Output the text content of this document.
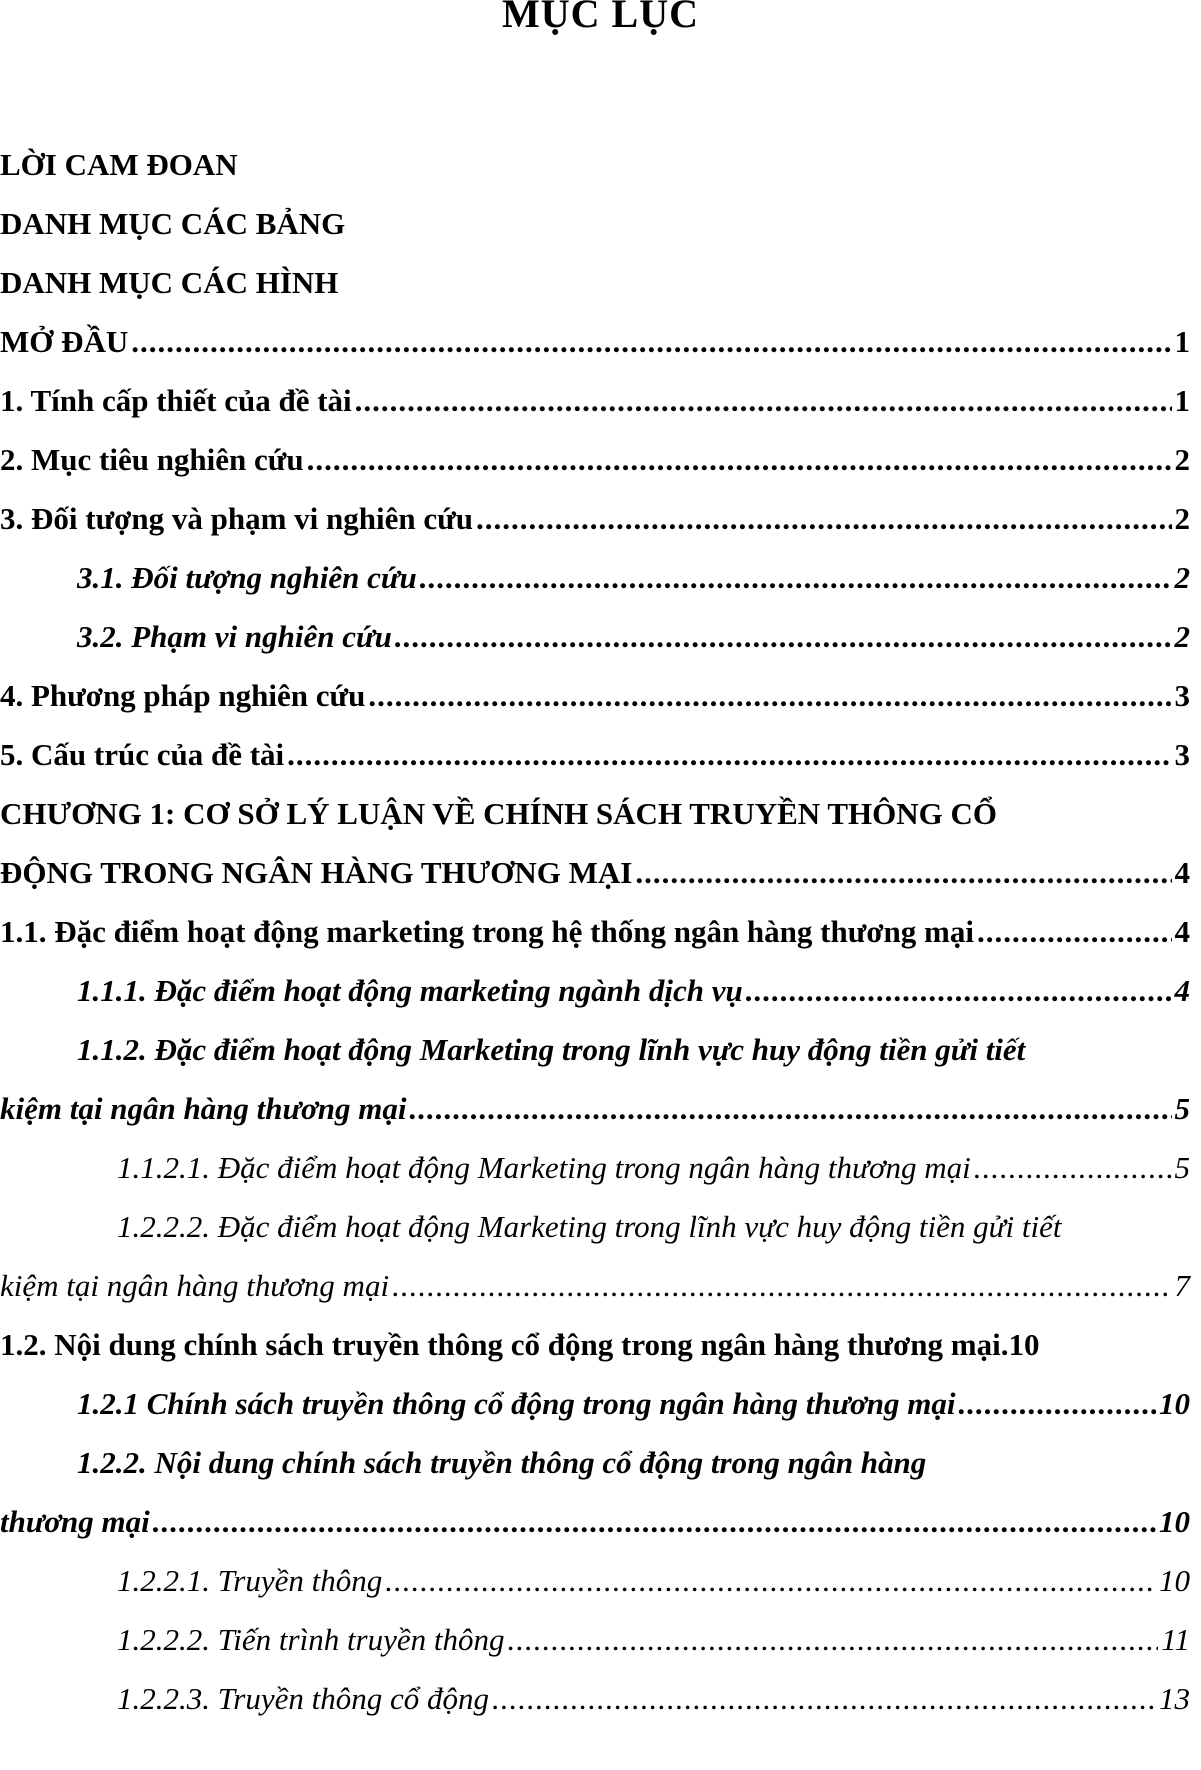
MỤC LỤC
LỜI CAM ĐOAN
DANH MỤC CÁC BẢNG
DANH MỤC CÁC HÌNH
MỞ ĐẦU .....	1
1. Tính cấp thiết của đề tài .....	1
2. Mục tiêu nghiên cứu .....	2
3. Đối tượng và phạm vi nghiên cứu .....	2
3.1. Đối tượng nghiên cứu .....	2
3.2. Phạm vi nghiên cứu .....	2
4. Phương pháp nghiên cứu .....	3
5. Cấu trúc của đề tài .....	3
CHƯƠNG 1: CƠ SỞ LÝ LUẬN VỀ CHÍNH SÁCH TRUYỀN THÔNG CỔ
ĐỘNG TRONG NGÂN HÀNG THƯƠNG MẠI .....	4
1.1. Đặc điểm hoạt động marketing trong hệ thống ngân hàng thương mại .....	4
1.1.1. Đặc điểm hoạt động marketing ngành dịch vụ .....	4
1.1.2. Đặc điểm hoạt động Marketing trong lĩnh vực huy động tiền gửi tiết
kiệm tại ngân hàng thương mại .....	5
1.1.2.1. Đặc điểm hoạt động Marketing trong ngân hàng thương mại .....	5
1.2.2.2. Đặc điểm hoạt động Marketing trong lĩnh vực huy động tiền gửi tiết
kiệm tại ngân hàng thương mại .....	7
1.2. Nội dung chính sách truyền thông cổ động trong ngân hàng thương mại. 10
1.2.1 Chính sách truyền thông cổ động trong ngân hàng thương mại .....	10
1.2.2. Nội dung chính sách truyền thông cổ động trong ngân hàng
thương mại .....	10
1.2.2.1. Truyền thông .....	10
1.2.2.2. Tiến trình truyền thông .....	11
1.2.2.3. Truyền thông cổ động .....	13
